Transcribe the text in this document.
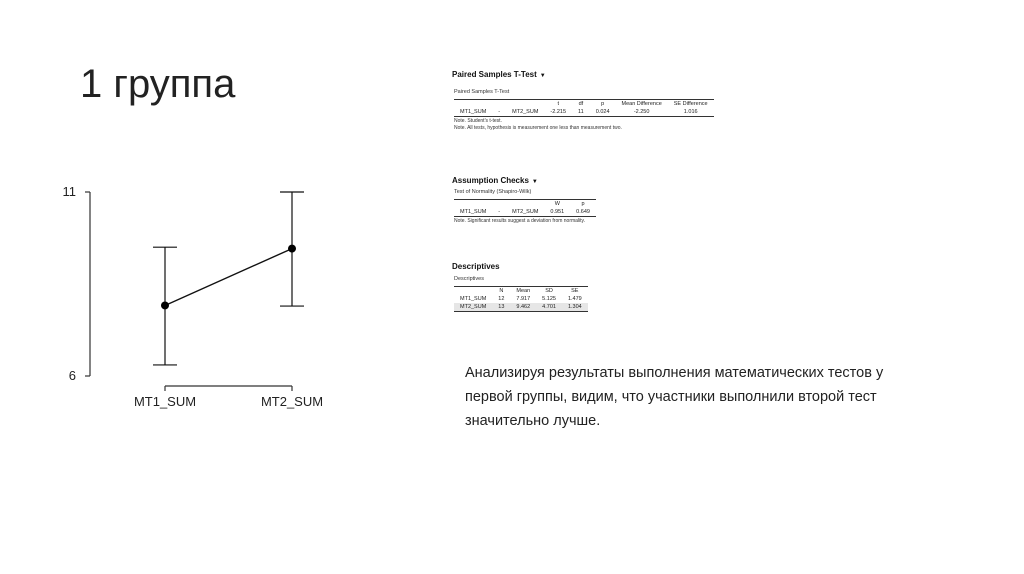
1 группа
6
11
MT1_SUM	MT2_SUM

Paired Samples T-Test ▼

Paired Samples T-Test

			t	df	p	Mean Difference	SE Difference
MT1_SUM	-	MT2_SUM	-2.215	11	0.024	-2.250	1.016

Note. Student's t-test.

Note. All tests, hypothesis is measurement one less than measurement two.

Assumption Checks ▼

Test of Normality (Shapiro-Wilk)

			W	p
MT1_SUM	-	MT2_SUM	0.951	0.649

Note. Significant results suggest a deviation from normality.

Descriptives

Descriptives

	N	Mean	SD	SE
MT1_SUM	12	7.917	5.125	1.479
MT2_SUM	13	9.462	4.701	1.304

Анализируя результаты выполнения математических тестов у первой группы, видим, что участники выполнили второй тест значительно лучше.
